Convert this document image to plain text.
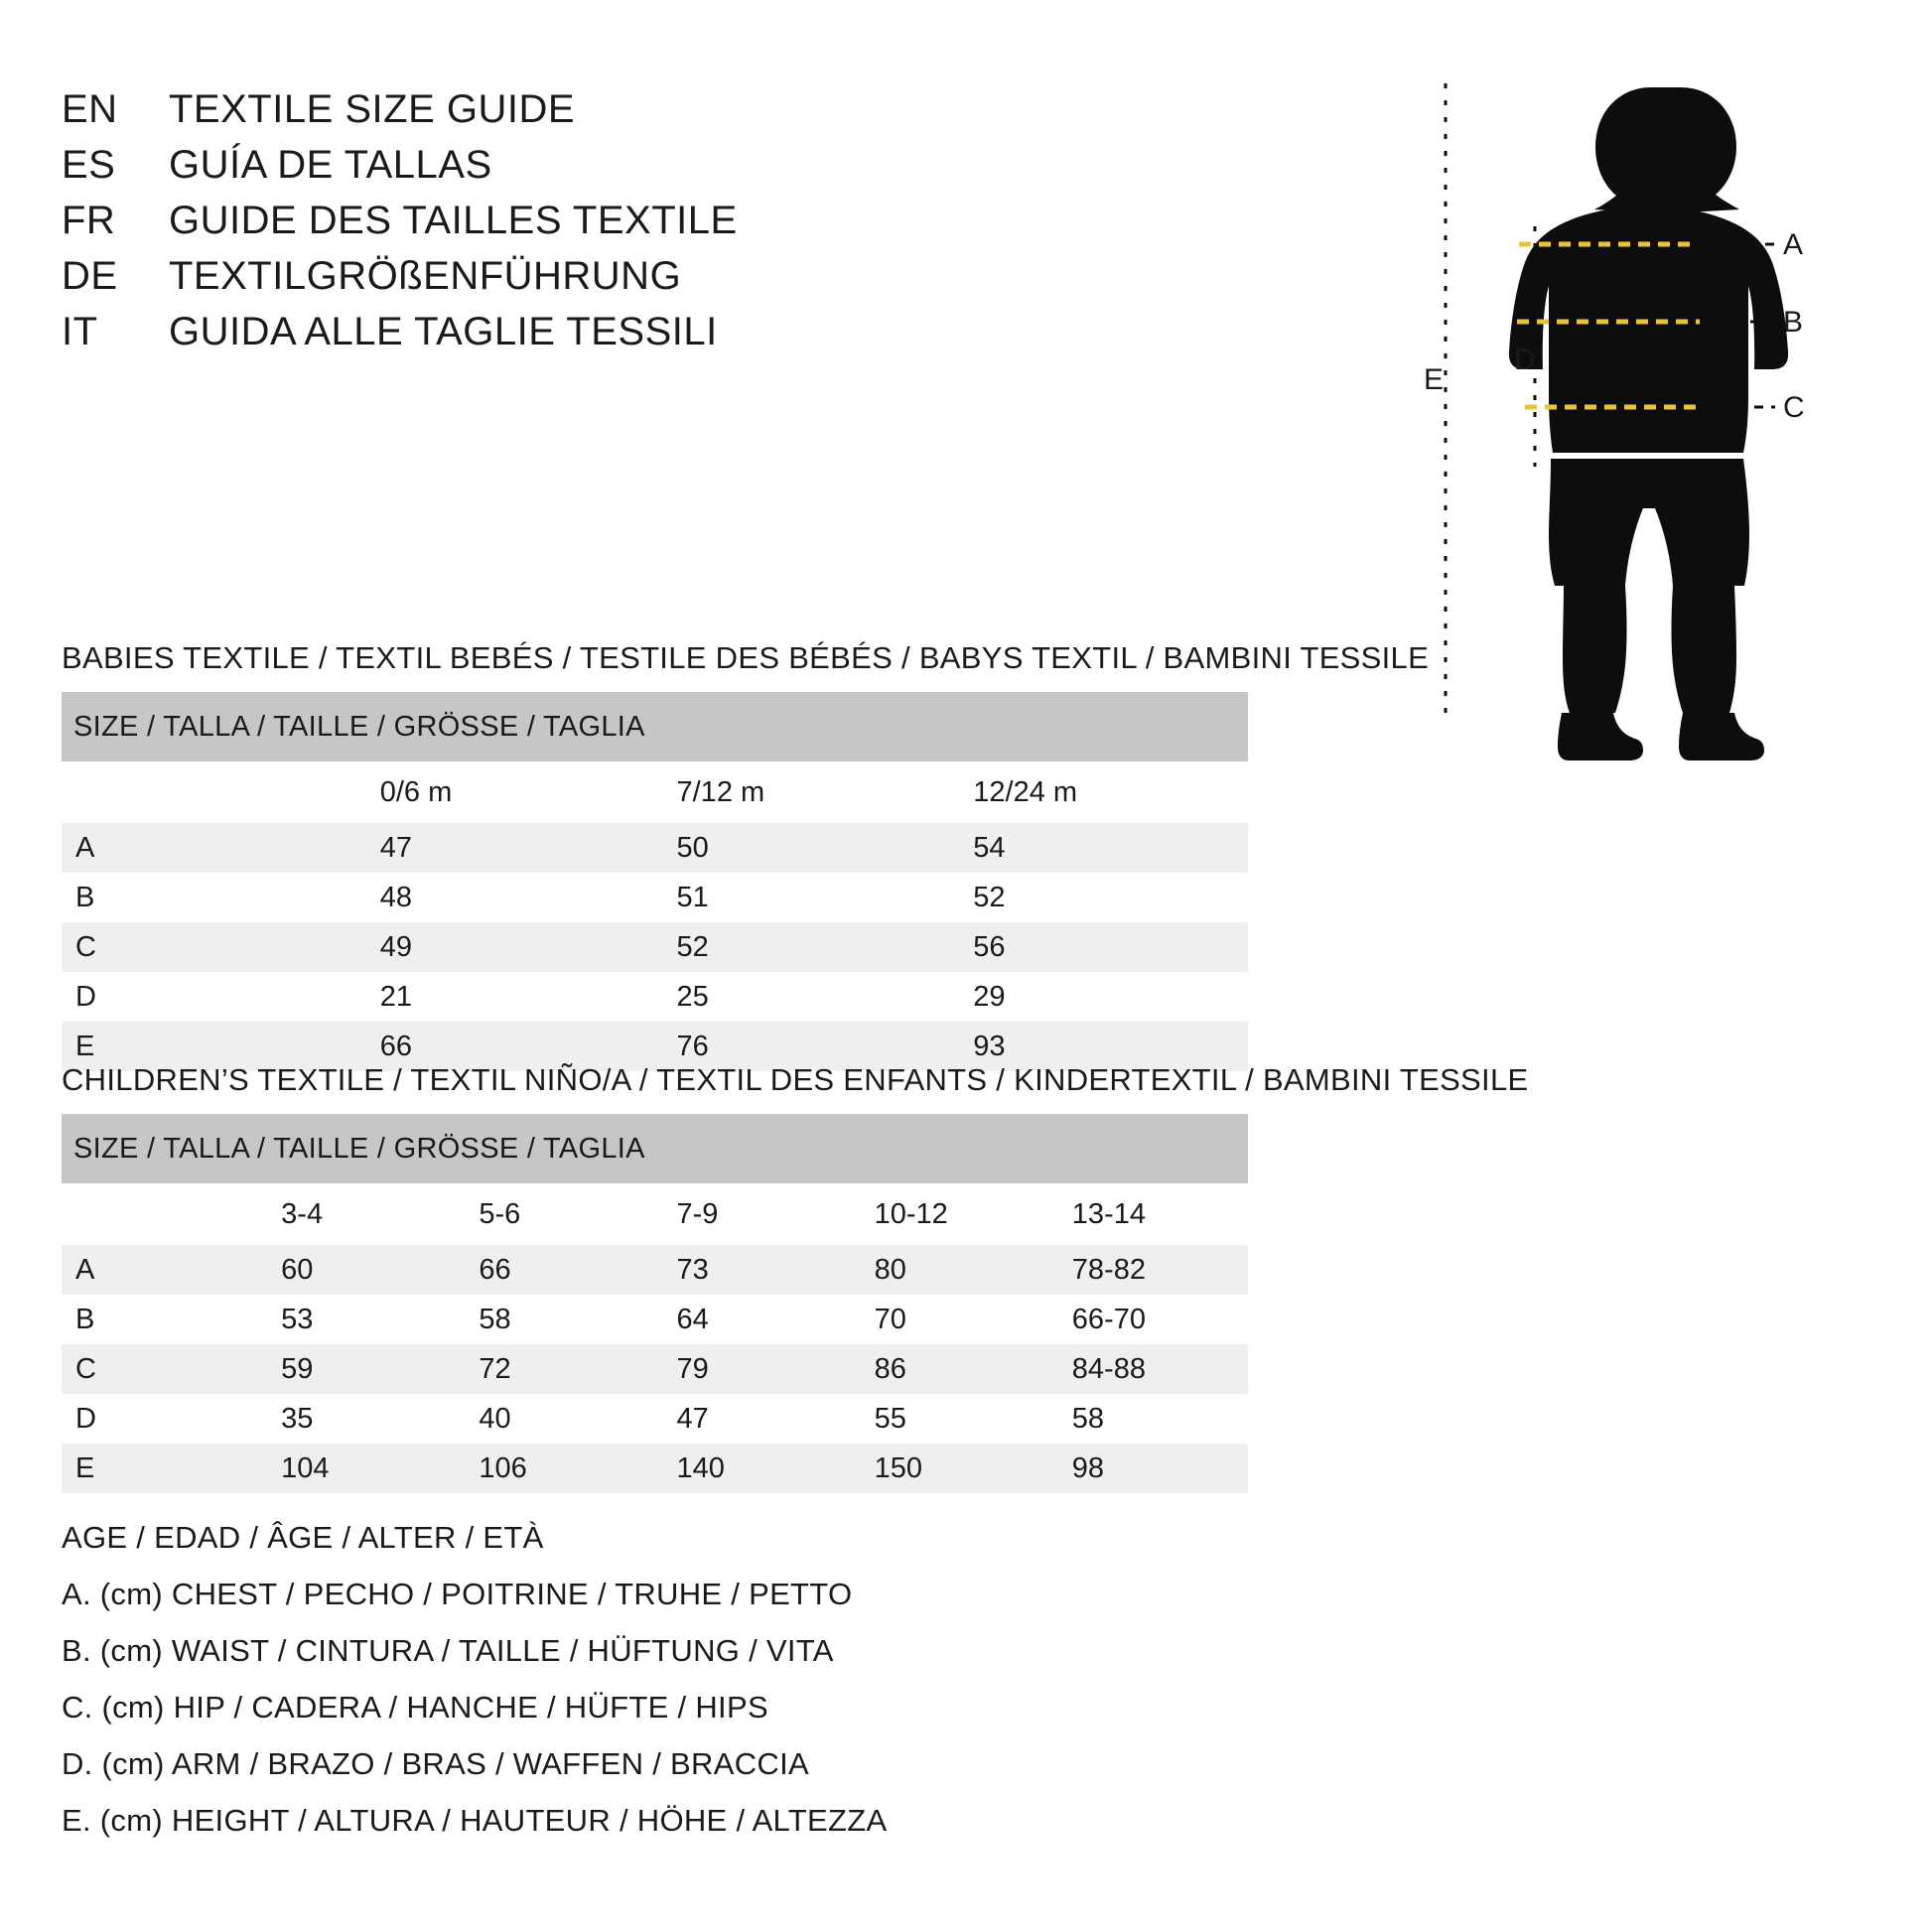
EN	TEXTILE SIZE GUIDE
ES	GUÍA DE TALLAS
FR	GUIDE DES TAILLES TEXTILE
DE	TEXTILGRÖßENFÜHRUNG
IT	GUIDA ALLE TAGLIE TESSILI
A
B
C
D
E
BABIES TEXTILE / TEXTIL BEBÉS / TESTILE DES BÉBÉS / BABYS TEXTIL / BAMBINI TESSILE
SIZE / TALLA / TAILLE / GRÖSSE / TAGLIA			

	0/6 m	7/12 m	12/24 m

A	47	50	54

B	48	51	52

C	49	52	56

D	21	25	29

E	66	76	93
CHILDREN’S TEXTILE / TEXTIL NIÑO/A / TEXTIL DES ENFANTS / KINDERTEXTIL / BAMBINI TESSILE
SIZE / TALLA / TAILLE / GRÖSSE / TAGLIA					

	3-4	5-6	7-9	10-12	13-14

A	60	66	73	80	78-82

B	53	58	64	70	66-70

C	59	72	79	86	84-88

D	35	40	47	55	58

E	104	106	140	150	98
AGE / EDAD / ÂGE / ALTER / ETÀ
A. (cm) CHEST / PECHO / POITRINE / TRUHE / PETTO
B. (cm) WAIST / CINTURA / TAILLE / HÜFTUNG / VITA
C. (cm) HIP / CADERA / HANCHE / HÜFTE / HIPS
D. (cm) ARM / BRAZO / BRAS / WAFFEN / BRACCIA
E. (cm) HEIGHT / ALTURA / HAUTEUR / HÖHE / ALTEZZA
